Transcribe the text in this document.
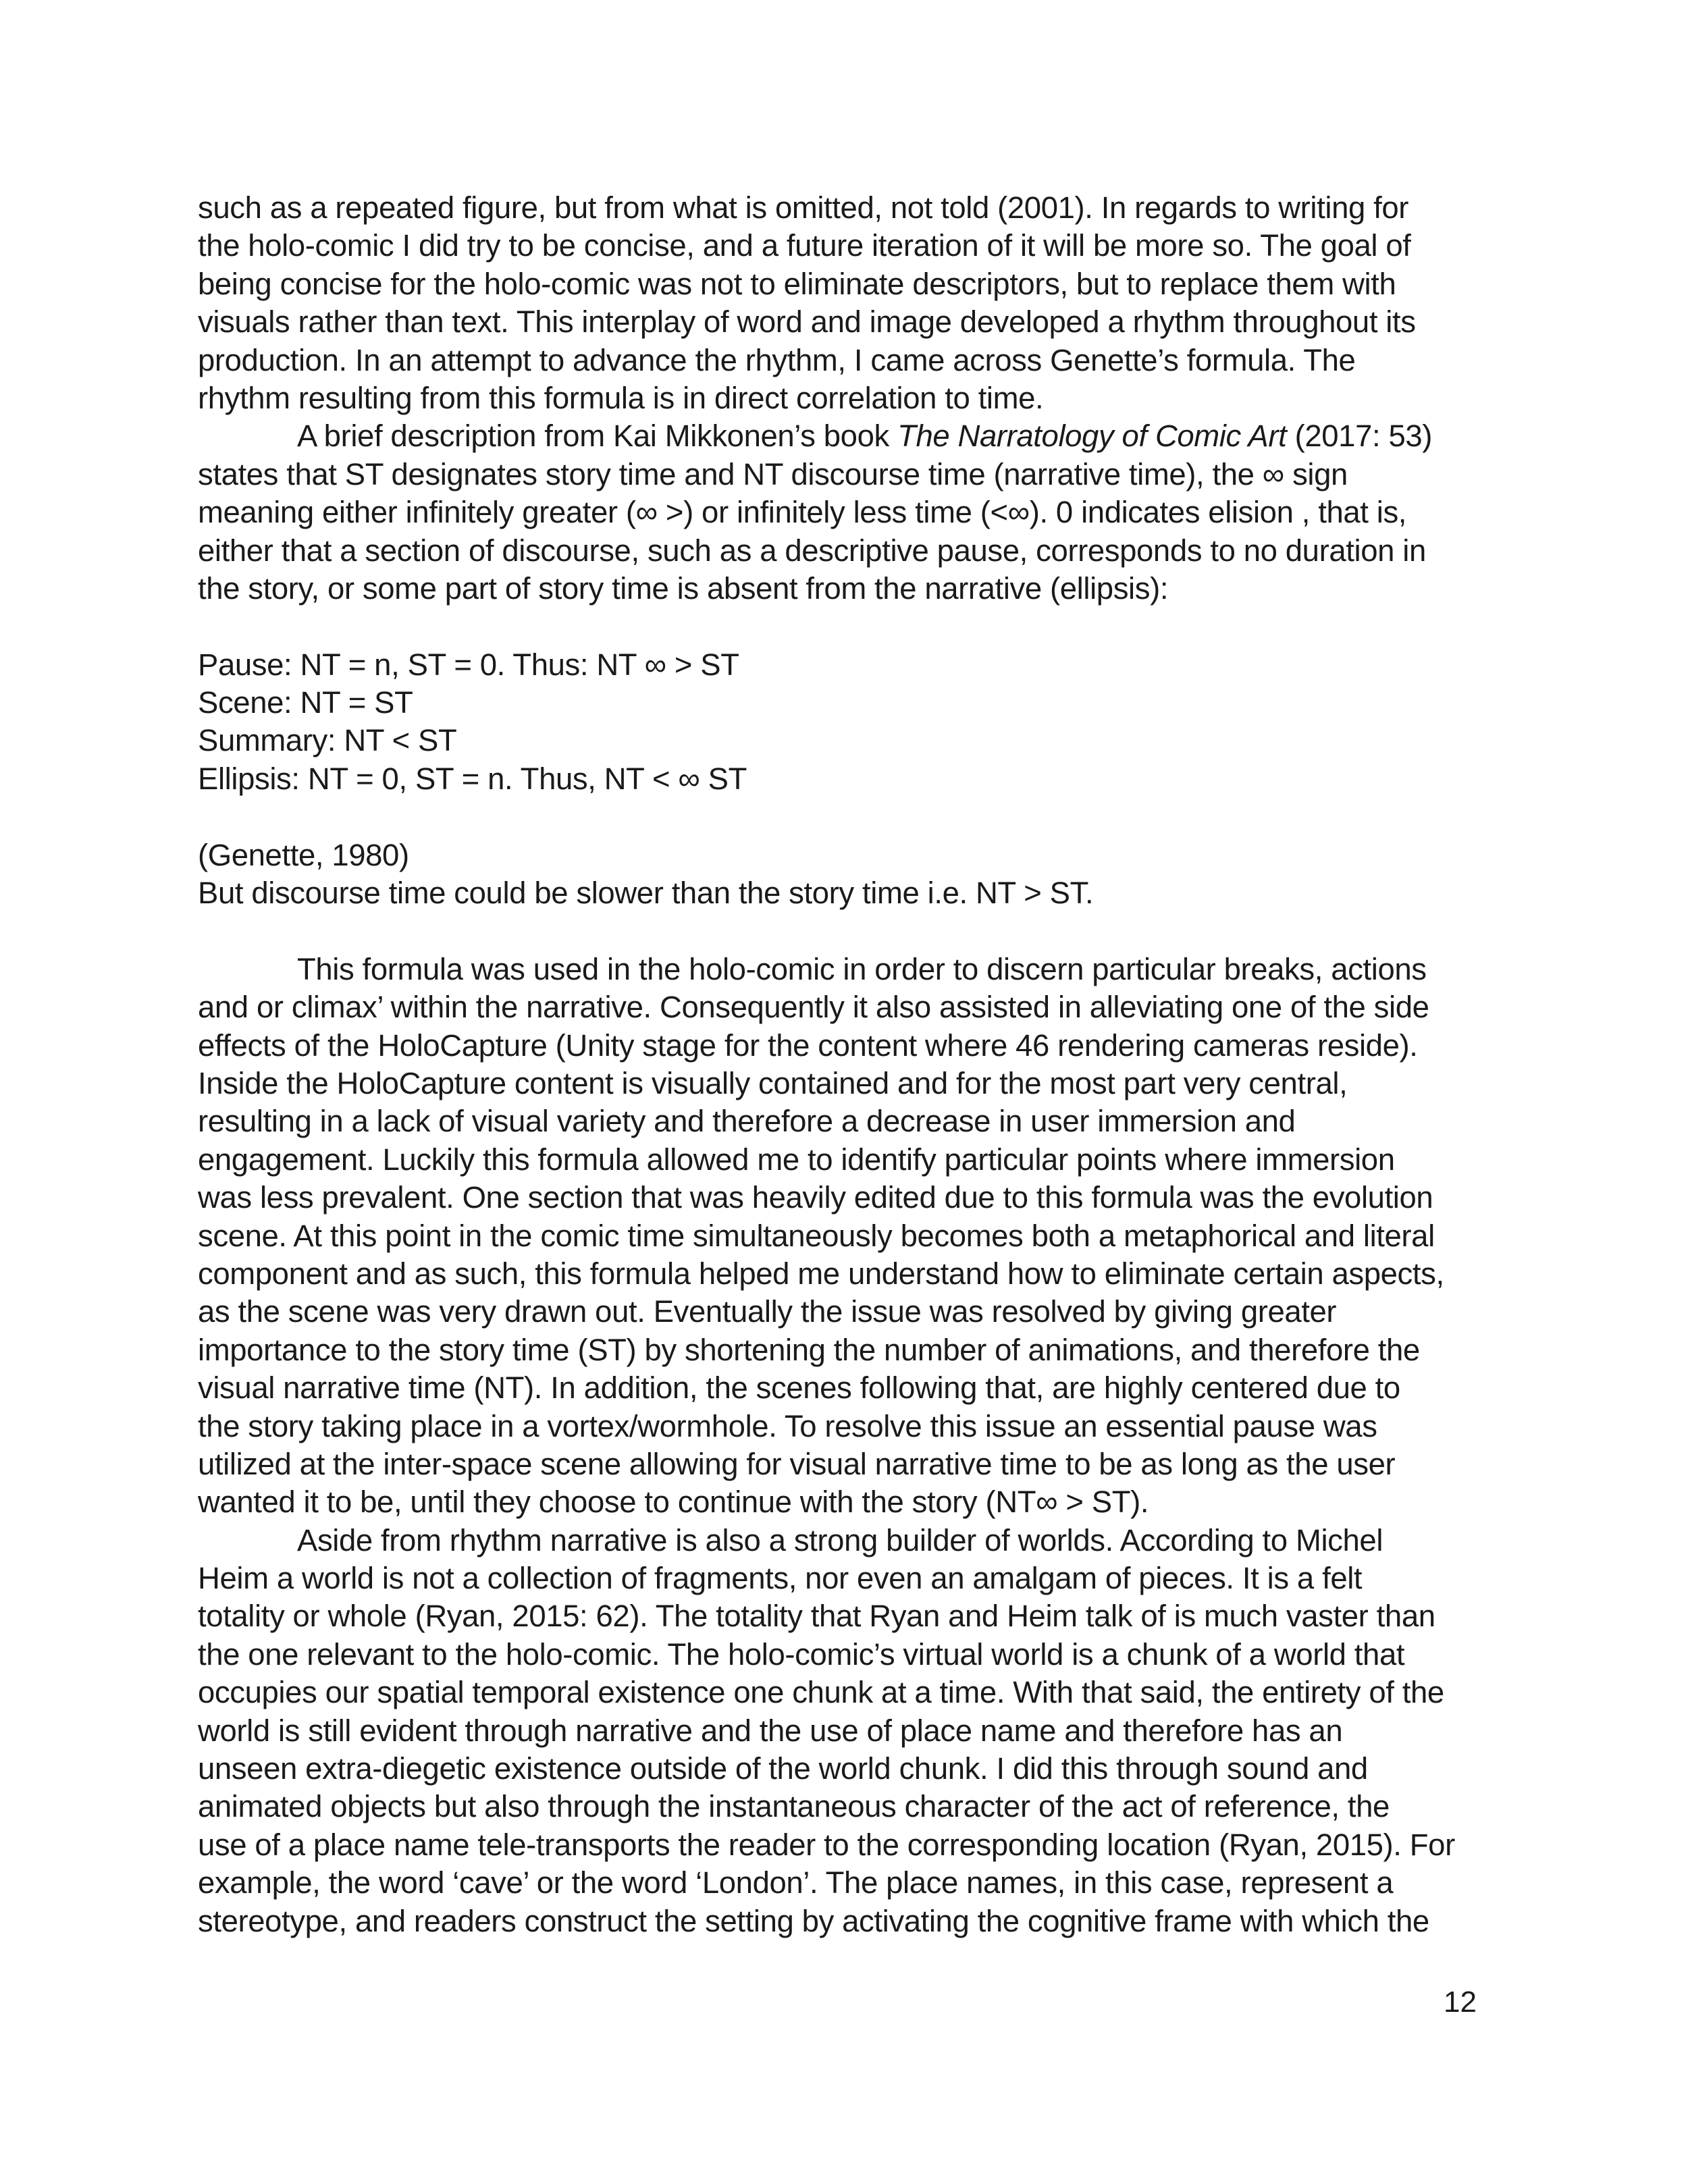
such as a repeated figure, but from what is omitted, not told (2001). In regards to writing for
the holo-comic I did try to be concise, and a future iteration of it will be more so. The goal of
being concise for the holo-comic was not to eliminate descriptors, but to replace them with
visuals rather than text. This interplay of word and image developed a rhythm throughout its
production. In an attempt to advance the rhythm, I came across Genette’s formula. The
rhythm resulting from this formula is in direct correlation to time.
A brief description from Kai Mikkonen’s book The Narratology of Comic Art (2017: 53)
states that ST designates story time and NT discourse time (narrative time), the ∞ sign
meaning either infinitely greater (∞ >) or infinitely less time (<∞). 0 indicates elision , that is,
either that a section of discourse, such as a descriptive pause, corresponds to no duration in
the story, or some part of story time is absent from the narrative (ellipsis):
Pause: NT = n, ST = 0. Thus: NT ∞ > ST
Scene: NT = ST
Summary: NT < ST
Ellipsis: NT = 0, ST = n. Thus, NT < ∞ ST
(Genette, 1980)
But discourse time could be slower than the story time i.e. NT > ST.
This formula was used in the holo-comic in order to discern particular breaks, actions
and or climax’ within the narrative. Consequently it also assisted in alleviating one of the side
effects of the HoloCapture (Unity stage for the content where 46 rendering cameras reside).
Inside the HoloCapture content is visually contained and for the most part very central,
resulting in a lack of visual variety and therefore a decrease in user immersion and
engagement. Luckily this formula allowed me to identify particular points where immersion
was less prevalent. One section that was heavily edited due to this formula was the evolution
scene. At this point in the comic time simultaneously becomes both a metaphorical and literal
component and as such, this formula helped me understand how to eliminate certain aspects,
as the scene was very drawn out. Eventually the issue was resolved by giving greater
importance to the story time (ST) by shortening the number of animations, and therefore the
visual narrative time (NT). In addition, the scenes following that, are highly centered due to
the story taking place in a vortex/wormhole. To resolve this issue an essential pause was
utilized at the inter-space scene allowing for visual narrative time to be as long as the user
wanted it to be, until they choose to continue with the story (NT∞ > ST).
Aside from rhythm narrative is also a strong builder of worlds. According to Michel
Heim a world is not a collection of fragments, nor even an amalgam of pieces. It is a felt
totality or whole (Ryan, 2015: 62). The totality that Ryan and Heim talk of is much vaster than
the one relevant to the holo-comic. The holo-comic’s virtual world is a chunk of a world that
occupies our spatial temporal existence one chunk at a time. With that said, the entirety of the
world is still evident through narrative and the use of place name and therefore has an
unseen extra-diegetic existence outside of the world chunk. I did this through sound and
animated objects but also through the instantaneous character of the act of reference, the
use of a place name tele-transports the reader to the corresponding location (Ryan, 2015). For
example, the word ‘cave’ or the word ‘London’. The place names, in this case, represent a
stereotype, and readers construct the setting by activating the cognitive frame with which the
12
